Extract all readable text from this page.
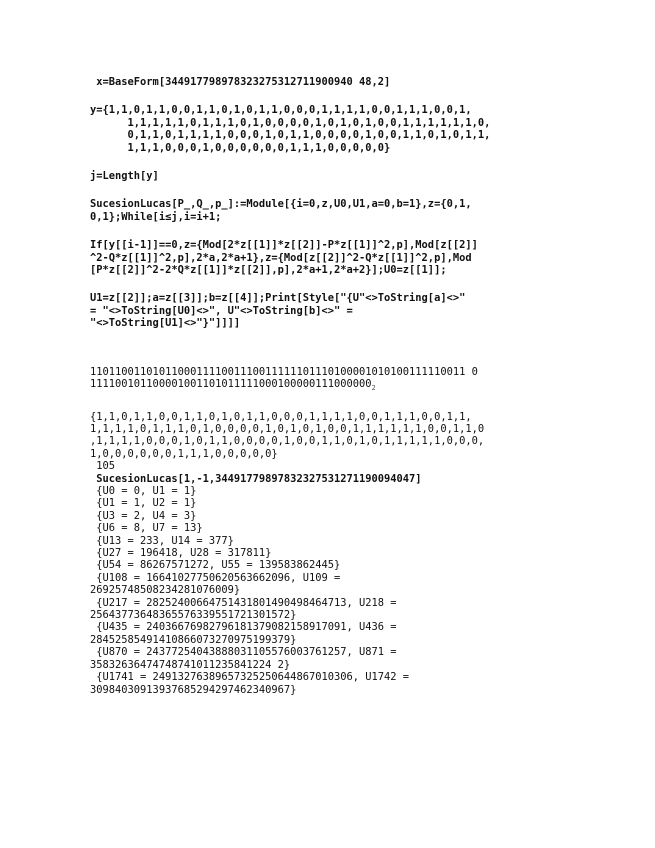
x=BaseForm[344917798978323275312711900940 48,2]
y={1,1,0,1,1,0,0,1,1,0,1,0,1,1,0,0,0,1,1,1,1,0,0,1,1,1,0,0,1,
1,1,1,1,1,0,1,1,1,0,1,0,0,0,0,1,0,1,0,1,0,0,1,1,1,1,1,1,0,
0,1,1,0,1,1,1,1,0,0,0,1,0,1,1,0,0,0,0,1,0,0,1,1,0,1,0,1,1,
1,1,1,0,0,0,1,0,0,0,0,0,0,1,1,1,0,0,0,0,0}
j=Length[y]
SucesionLucas[P_,Q_,p_]:=Module[{i=0,z,U0,U1,a=0,b=1},z={0,1,
0,1};While[i≤j,i=i+1;
If[y[[i-1]]==0,z={Mod[2*z[[1]]*z[[2]]-P*z[[1]]^2,p],Mod[z[[2]]
^2-Q*z[[1]]^2,p],2*a,2*a+1},z={Mod[z[[2]]^2-Q*z[[1]]^2,p],Mod
[P*z[[2]]^2-2*Q*z[[1]]*z[[2]],p],2*a+1,2*a+2}];U0=z[[1]];
U1=z[[2]];a=z[[3]];b=z[[4]];Print[Style["{U"<>ToString[a]<>"
= "<>ToString[U0]<>", U"<>ToString[b]<>" =
"<>ToString[U1]<>"}"]]]]
110110011010110001111001110011111101110100001010100111110011 0
$111100101100001001101011111000100000111000000_2$
{1,1,0,1,1,0,0,1,1,0,1,0,1,1,0,0,0,1,1,1,1,0,0,1,1,1,0,0,1,1,
1,1,1,1,0,1,1,1,0,1,0,0,0,0,1,0,1,0,1,0,0,1,1,1,1,1,1,0,0,1,1,0
,1,1,1,1,0,0,0,1,0,1,1,0,0,0,0,1,0,0,1,1,0,1,0,1,1,1,1,1,0,0,0,
1,0,0,0,0,0,0,1,1,1,0,0,0,0,0}
105
SucesionLucas[1,-1,34491779897832327531271190094047]
{U0 = 0, U1 = 1}
{U1 = 1, U2 = 1}
{U3 = 2, U4 = 3}
{U6 = 8, U7 = 13}
{U13 = 233, U14 = 377}
{U27 = 196418, U28 = 317811}
{U54 = 86267571272, U55 = 139583862445}
{U108 = 16641027750620563662096, U109 =
26925748508234281076009}
{U217 = 28252400664751431801490498464713, U218 =
25643773648365576339551721301572}
{U435 = 24036676982796181379082158917091, U436 =
28452585491410866073270975199379}
{U870 = 24377254043888031105576003761257, U871 =
35832636474748741011235841224 2}
{U1741 = 24913276389657325250644867010306, U1742 =
30984030913937685294297462340967}
